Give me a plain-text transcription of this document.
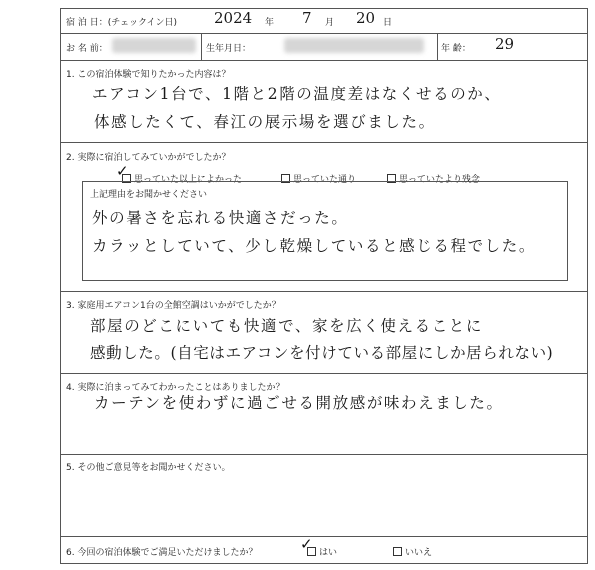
宿 泊 日：(チェックイン日) 2024 年 7 月 20 日
お 名 前：	生年月日：	年 齢： 29
1. この宿泊体験で知りたかった内容は？
エアコン1台で、1階と2階の温度差はなくせるのか、
体感したくて、春江の展示場を選びました。
2. 実際に宿泊してみていかがでしたか？
思っていた以上によかった
✓	思っていた通り	思っていたより残念
上記理由をお聞かせください
外の暑さを忘れる快適さだった。
カラッとしていて、少し乾燥していると感じる程でした。
3. 家庭用エアコン1台の全館空調はいかがでしたか？
部屋のどこにいても快適で、家を広く使えることに
感動した。(自宅はエアコンを付けている部屋にしか居られない)
4. 実際に泊まってみてわかったことはありましたか？
カーテンを使わずに過ごせる開放感が味わえました。
5. その他ご意見等をお聞かせください。
6. 今回の宿泊体験でご満足いただけましたか？	はい
✓	いいえ
